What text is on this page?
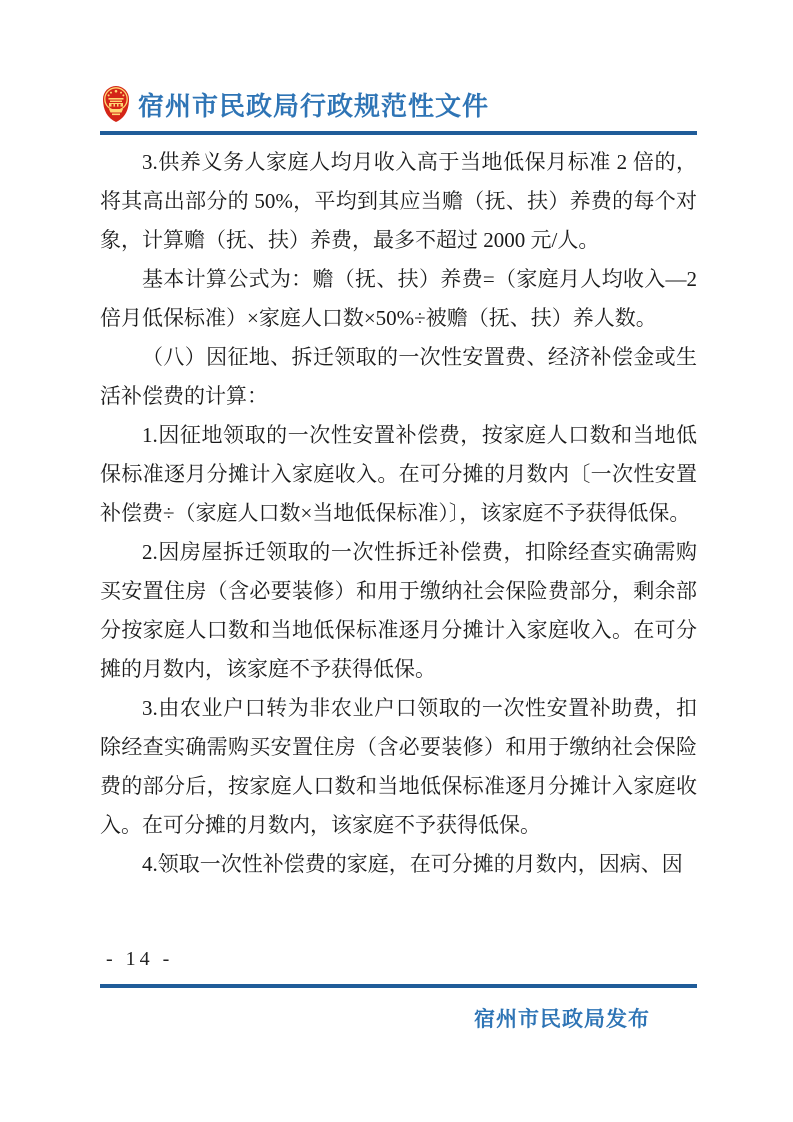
宿州市民政局行政规范性文件

3.供养义务人家庭人均月收入高于当地低保月标准 2 倍的，将其高出部分的 50%，平均到其应当赡（抚、扶）养费的每个对象，计算赡（抚、扶）养费，最多不超过 2000 元/人。

基本计算公式为：赡（抚、扶）养费=（家庭月人均收入—2倍月低保标准）×家庭人口数×50%÷被赡（抚、扶）养人数。

（八）因征地、拆迁领取的一次性安置费、经济补偿金或生活补偿费的计算：

1.因征地领取的一次性安置补偿费，按家庭人口数和当地低保标准逐月分摊计入家庭收入。在可分摊的月数内〔一次性安置补偿费÷（家庭人口数×当地低保标准）〕，该家庭不予获得低保。

2.因房屋拆迁领取的一次性拆迁补偿费，扣除经查实确需购买安置住房（含必要装修）和用于缴纳社会保险费部分，剩余部分按家庭人口数和当地低保标准逐月分摊计入家庭收入。在可分摊的月数内，该家庭不予获得低保。

3.由农业户口转为非农业户口领取的一次性安置补助费，扣除经查实确需购买安置住房（含必要装修）和用于缴纳社会保险费的部分后，按家庭人口数和当地低保标准逐月分摊计入家庭收入。在可分摊的月数内，该家庭不予获得低保。

4.领取一次性补偿费的家庭，在可分摊的月数内，因病、因

- 14 -
宿州市民政局发布
